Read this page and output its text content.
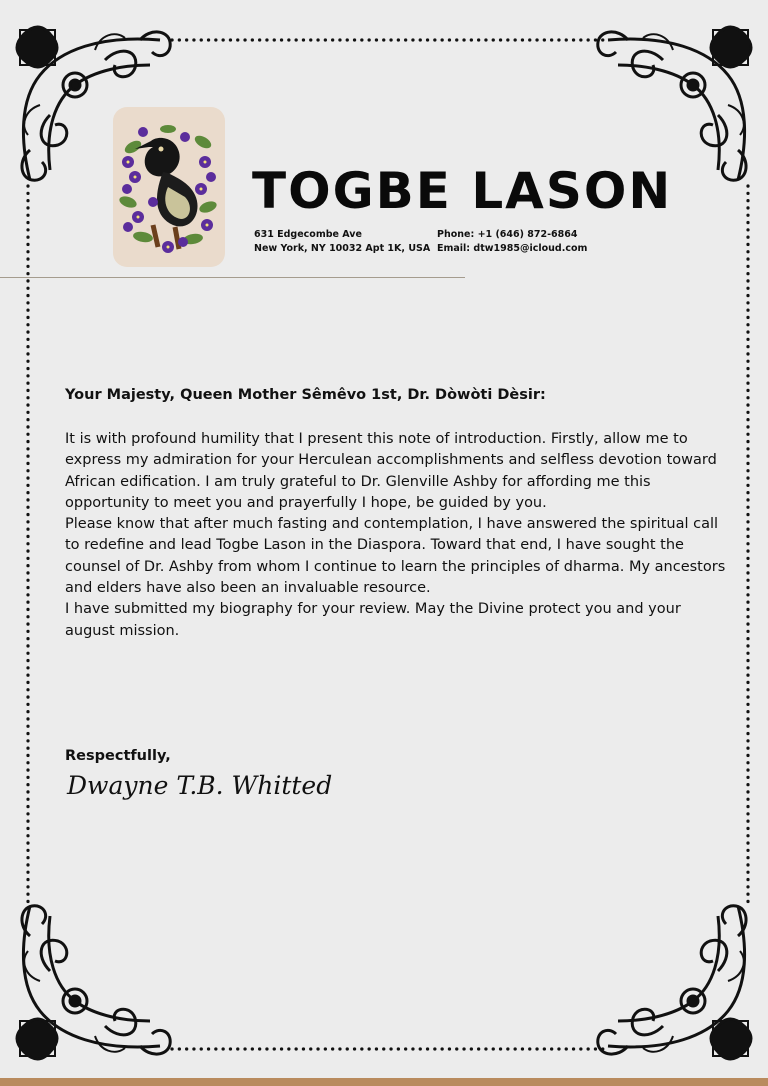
TOGBE LASON
631 Edgecombe Ave
New York, NY 10032 Apt 1K, USA
Phone: +1 (646) 872-6864
Email: dtw1985@icloud.com
Your Majesty, Queen Mother Sêmêvo 1st, Dr. Dòwòti Dèsir:

It is with profound humility that I present this note of introduction. Firstly, allow me to express my admiration for your Herculean accomplishments and selfless devotion toward African edification. I am truly grateful to Dr. Glenville Ashby for affording me this opportunity to meet you and prayerfully I hope, be guided by you.

Please know that after much fasting and contemplation, I have answered the spiritual call to redefine and lead Togbe Lason in the Diaspora. Toward that end, I have sought the counsel of Dr. Ashby from whom I continue to learn the principles of dharma. My ancestors and elders have also been an invaluable resource.

I have submitted my biography for your review. May the Divine protect you and your august mission.

Respectfully,
Dwayne T.B. Whitted
